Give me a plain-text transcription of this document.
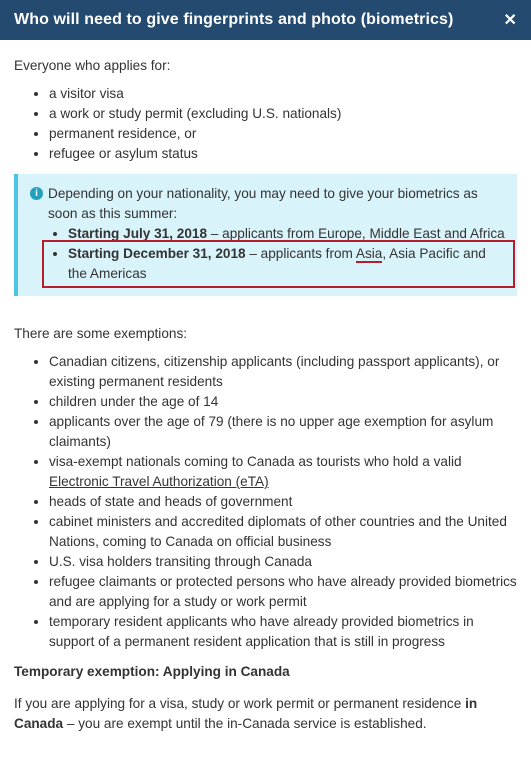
Who will need to give fingerprints and photo (biometrics)	✕

Everyone who applies for:

• a visitor visa
• a work or study permit (excluding U.S. nationals)
• permanent residence, or
• refugee or asylum status
i Depending on your nationality, you may need to give your biometrics as soon as this summer:

• Starting July 31, 2018 – applicants from Europe, Middle East and Africa
• Starting December 31, 2018 – applicants from Asia, Asia Pacific and the Americas

There are some exemptions:

• Canadian citizens, citizenship applicants (including passport applicants), or existing permanent residents
• children under the age of 14
• applicants over the age of 79 (there is no upper age exemption for asylum claimants)
• visa-exempt nationals coming to Canada as tourists who hold a valid Electronic Travel Authorization (eTA)
• heads of state and heads of government
• cabinet ministers and accredited diplomats of other countries and the United Nations, coming to Canada on official business
• U.S. visa holders transiting through Canada
• refugee claimants or protected persons who have already provided biometrics and are applying for a study or work permit
• temporary resident applicants who have already provided biometrics in support of a permanent resident application that is still in progress

Temporary exemption: Applying in Canada

If you are applying for a visa, study or work permit or permanent residence in Canada – you are exempt until the in-Canada service is established.
